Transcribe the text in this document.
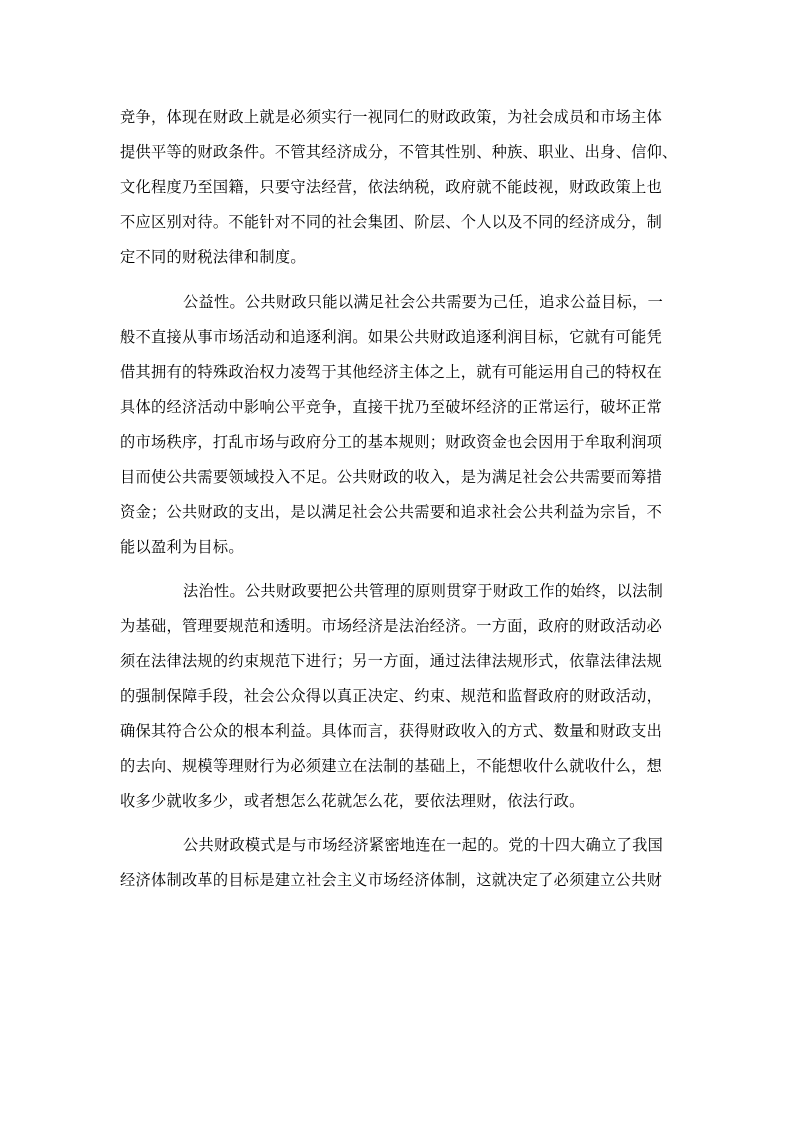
竞争，体现在财政上就是必须实行一视同仁的财政政策，为社会成员和市场主体
提供平等的财政条件。不管其经济成分，不管其性别、种族、职业、出身、信仰、
文化程度乃至国籍，只要守法经营，依法纳税，政府就不能歧视，财政政策上也
不应区别对待。不能针对不同的社会集团、阶层、个人以及不同的经济成分，制
定不同的财税法律和制度。
公益性。公共财政只能以满足社会公共需要为己任，追求公益目标，一
般不直接从事市场活动和追逐利润。如果公共财政追逐利润目标，它就有可能凭
借其拥有的特殊政治权力凌驾于其他经济主体之上，就有可能运用自己的特权在
具体的经济活动中影响公平竞争，直接干扰乃至破坏经济的正常运行，破坏正常
的市场秩序，打乱市场与政府分工的基本规则；财政资金也会因用于牟取利润项
目而使公共需要领域投入不足。公共财政的收入，是为满足社会公共需要而筹措
资金；公共财政的支出，是以满足社会公共需要和追求社会公共利益为宗旨，不
能以盈利为目标。
法治性。公共财政要把公共管理的原则贯穿于财政工作的始终，以法制
为基础，管理要规范和透明。市场经济是法治经济。一方面，政府的财政活动必
须在法律法规的约束规范下进行；另一方面，通过法律法规形式，依靠法律法规
的强制保障手段，社会公众得以真正决定、约束、规范和监督政府的财政活动，
确保其符合公众的根本利益。具体而言，获得财政收入的方式、数量和财政支出
的去向、规模等理财行为必须建立在法制的基础上，不能想收什么就收什么，想
收多少就收多少，或者想怎么花就怎么花，要依法理财，依法行政。
公共财政模式是与市场经济紧密地连在一起的。党的十四大确立了我国
经济体制改革的目标是建立社会主义市场经济体制，这就决定了必须建立公共财
